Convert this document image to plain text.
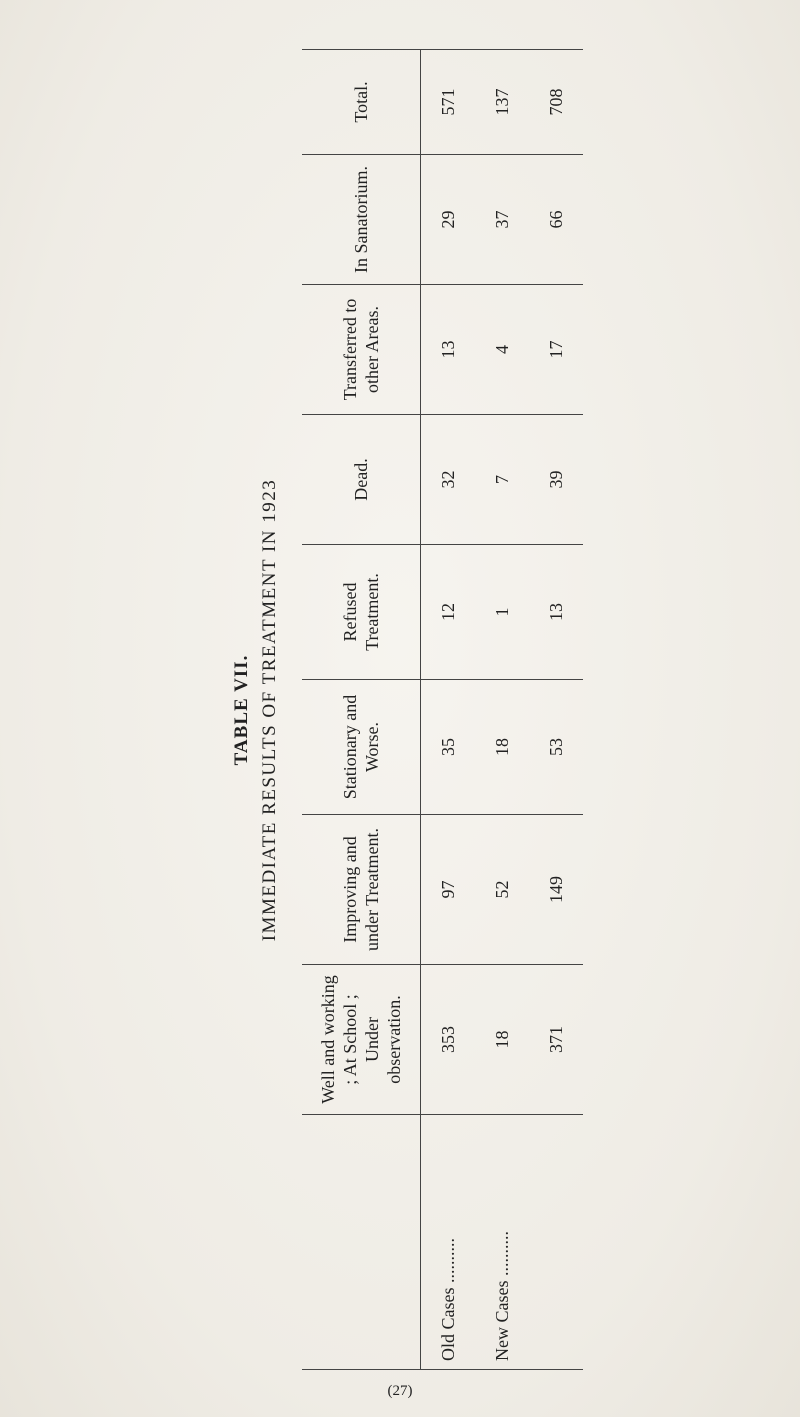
TABLE VII. IMMEDIATE RESULTS OF TREATMENT IN 1923
	Well and working ; At School ; Under observation.	Improving and under Treatment.	Stationary and Worse.	Refused Treatment.	Dead.	Transferred to other Areas.	In Sanatorium.	Total.
Old Cases ..........	353	97	35	12	32	13	29	571
New Cases ..........	18	52	18	1	7	4	37	137
	371	149	53	13	39	17	66	708
(27)
